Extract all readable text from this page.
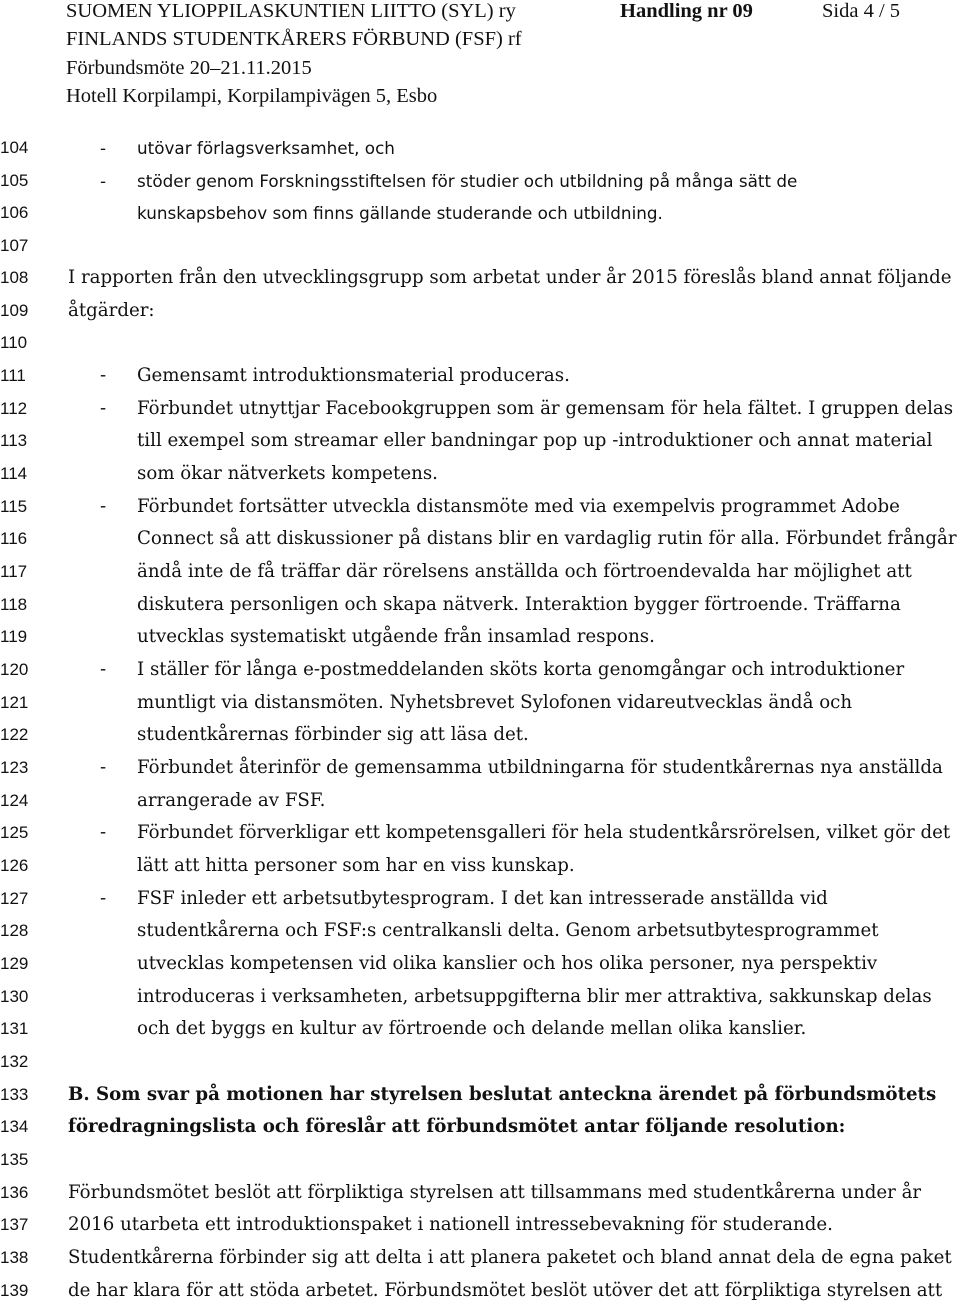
SUOMEN YLIOPPILASKUNTIEN LIITTO (SYL) ry
FINLANDS STUDENTKÅRERS FÖRBUND (FSF) rf
Förbundsmöte 20–21.11.2015
Hotell Korpilampi, Korpilampivägen 5, Esbo
Handling nr 09	Sida 4 / 5
104
105
106
107
108
109
110
111
112
113
114
115
116
117
118
119
120
121
122
123
124
125
126
127
128
129
130
131
132
133
134
135
136
137
138
139
- utövar förlagsverksamhet, och
- stöder genom Forskningsstiftelsen för studier och utbildning på många sätt de
kunskapsbehov som finns gällande studerande och utbildning.
I rapporten från den utvecklingsgrupp som arbetat under år 2015 föreslås bland annat följande
åtgärder:
- Gemensamt introduktionsmaterial produceras.
- Förbundet utnyttjar Facebookgruppen som är gemensam för hela fältet. I gruppen delas
till exempel som streamar eller bandningar pop up -introduktioner och annat material
som ökar nätverkets kompetens.
- Förbundet fortsätter utveckla distansmöte med via exempelvis programmet Adobe
Connect så att diskussioner på distans blir en vardaglig rutin för alla. Förbundet frångår
ändå inte de få träffar där rörelsens anställda och förtroendevalda har möjlighet att
diskutera personligen och skapa nätverk. Interaktion bygger förtroende. Träffarna
utvecklas systematiskt utgående från insamlad respons.
- I ställer för långa e-postmeddelanden sköts korta genomgångar och introduktioner
muntligt via distansmöten. Nyhetsbrevet Sylofonen vidareutvecklas ändå och
studentkårernas förbinder sig att läsa det.
- Förbundet återinför de gemensamma utbildningarna för studentkårernas nya anställda
arrangerade av FSF.
- Förbundet förverkligar ett kompetensgalleri för hela studentkårsrörelsen, vilket gör det
lätt att hitta personer som har en viss kunskap.
- FSF inleder ett arbetsutbytesprogram. I det kan intresserade anställda vid
studentkårerna och FSF:s centralkansli delta. Genom arbetsutbytesprogrammet
utvecklas kompetensen vid olika kanslier och hos olika personer, nya perspektiv
introduceras i verksamheten, arbetsuppgifterna blir mer attraktiva, sakkunskap delas
och det byggs en kultur av förtroende och delande mellan olika kanslier.
B. Som svar på motionen har styrelsen beslutat anteckna ärendet på förbundsmötets
föredragningslista och föreslår att förbundsmötet antar följande resolution:
Förbundsmötet beslöt att förpliktiga styrelsen att tillsammans med studentkårerna under år
2016 utarbeta ett introduktionspaket i nationell intressebevakning för studerande.
Studentkårerna förbinder sig att delta i att planera paketet och bland annat dela de egna paket
de har klara för att stöda arbetet. Förbundsmötet beslöt utöver det att förpliktiga styrelsen att
